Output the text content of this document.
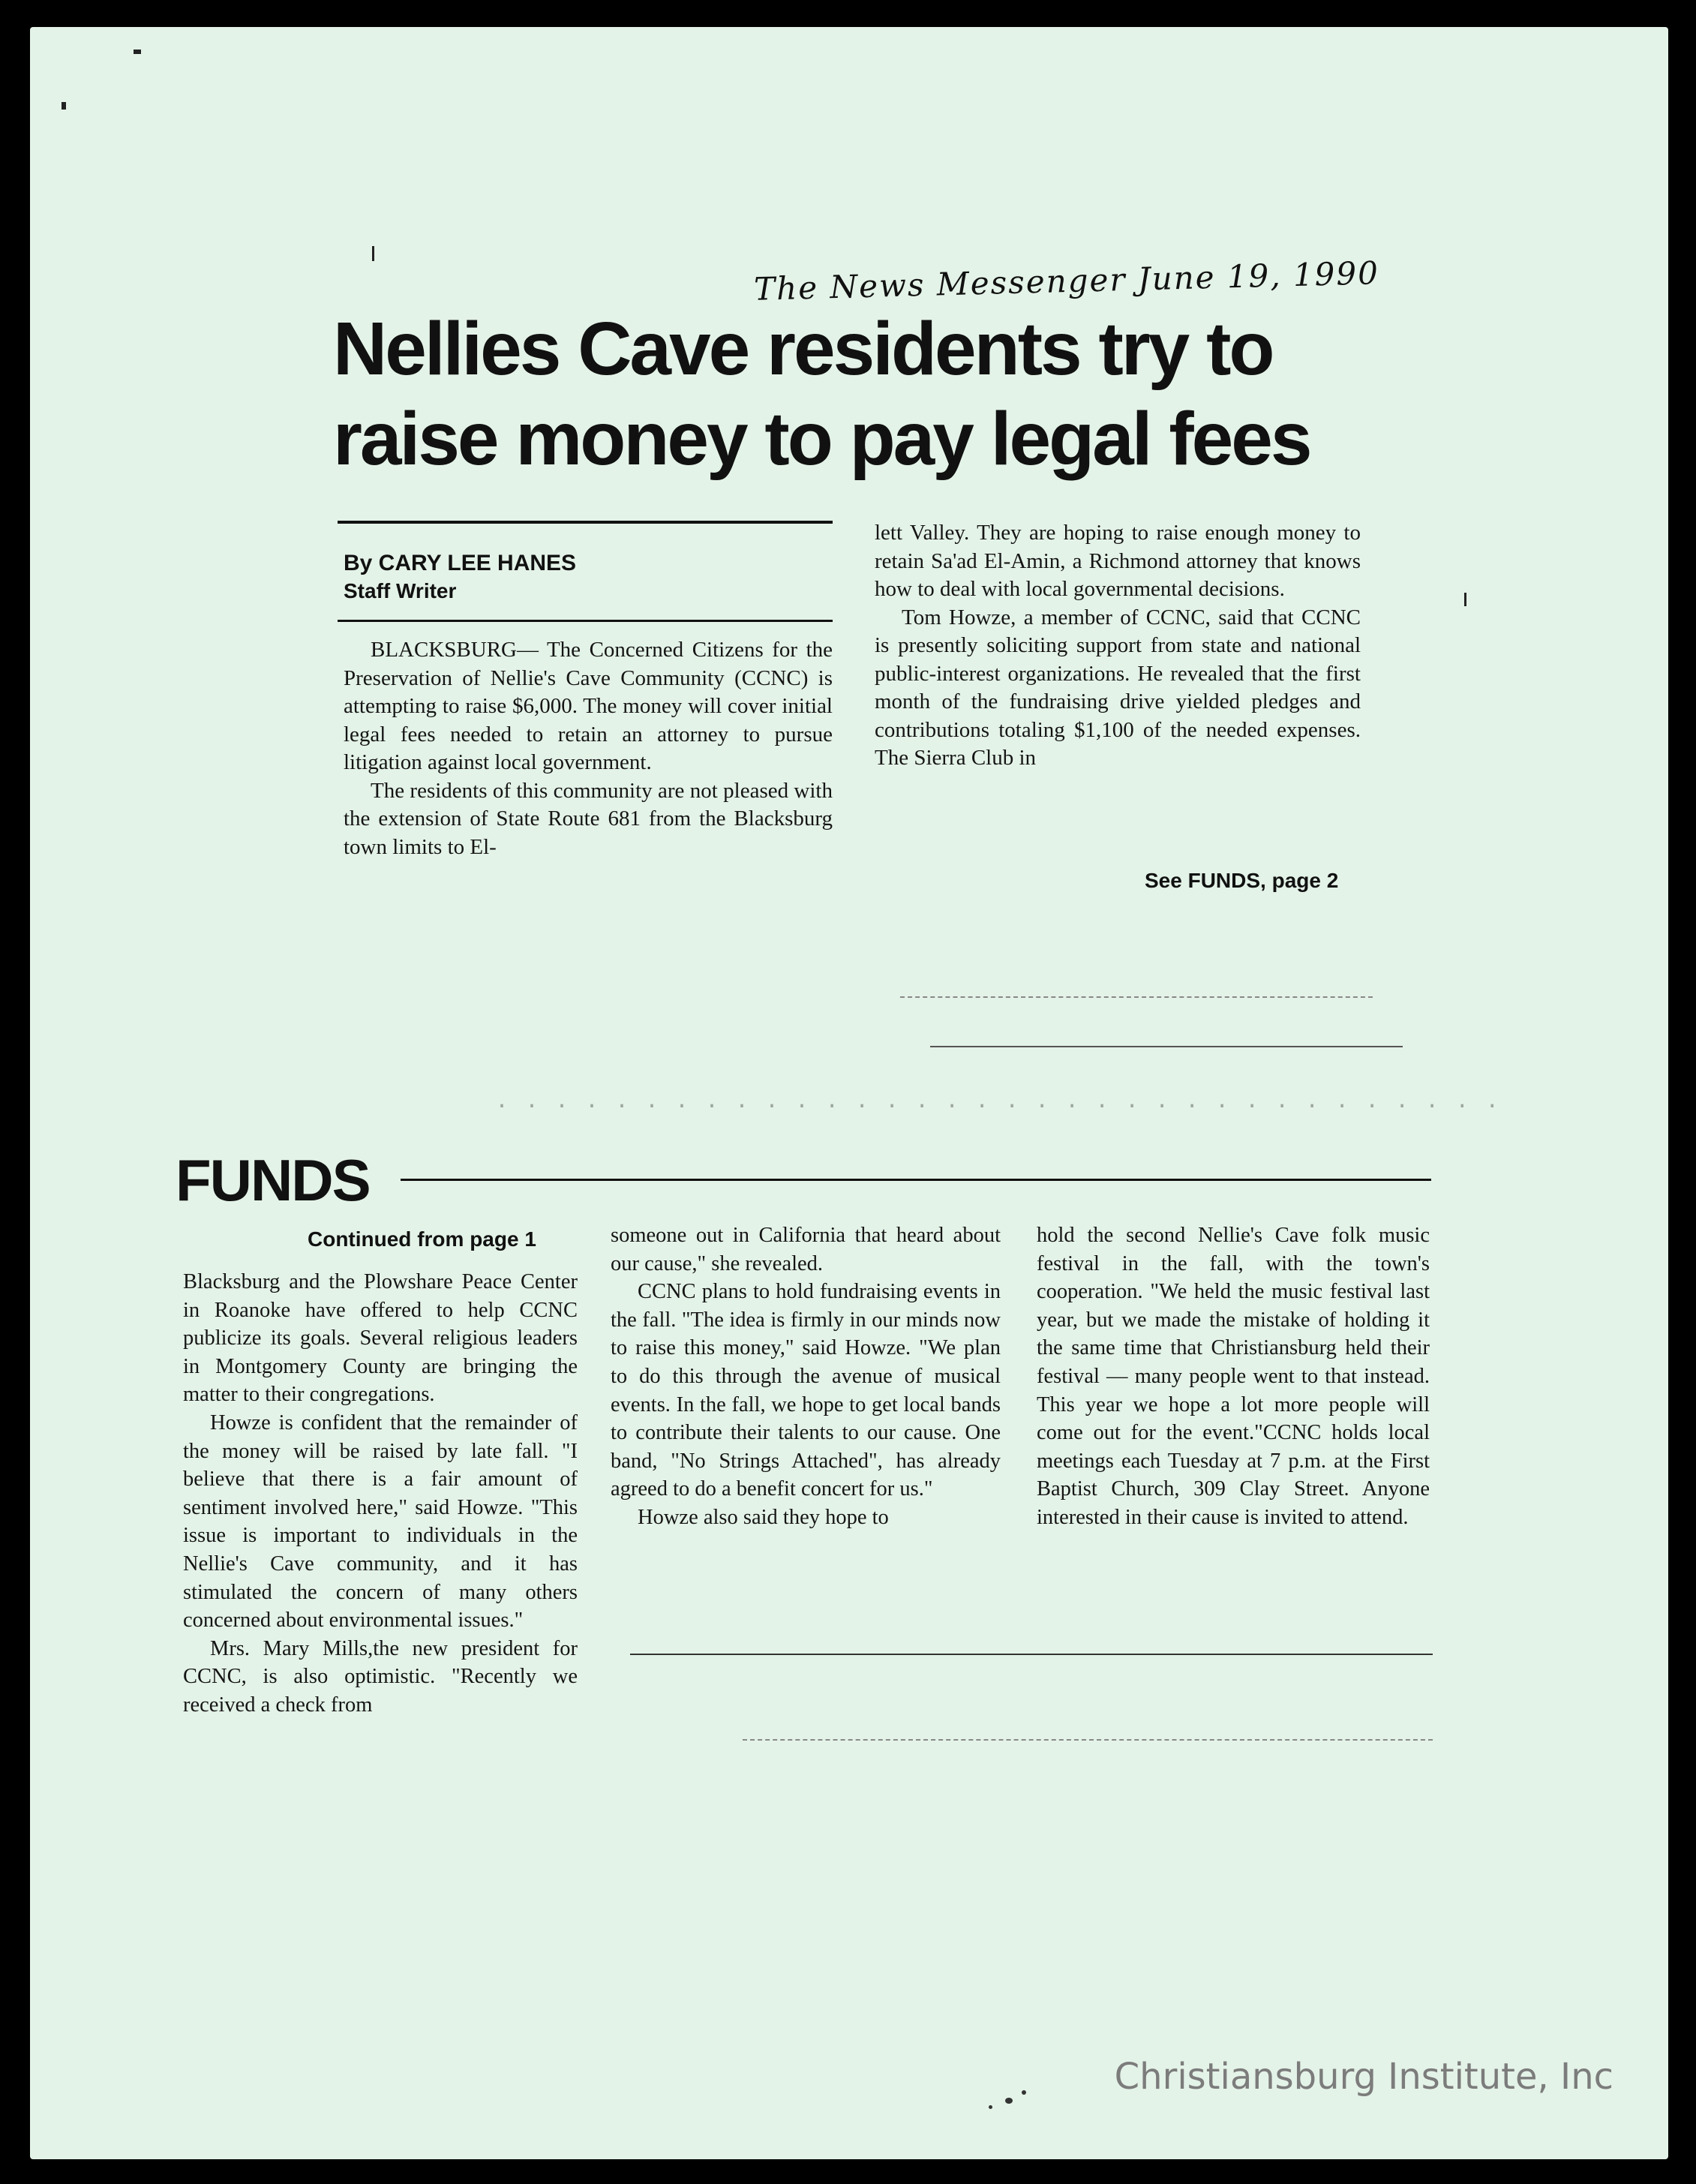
The News Messenger June 19, 1990
Nellies Cave residents try to raise money to pay legal fees
By CARY LEE HANES
Staff Writer

BLACKSBURG— The Concerned Citizens for the Preservation of Nellie's Cave Community (CCNC) is attempting to raise $6,000. The money will cover initial legal fees needed to retain an attorney to pursue litigation against local government.

The residents of this community are not pleased with the extension of State Route 681 from the Blacksburg town limits to El-

lett Valley. They are hoping to raise enough money to retain Sa'ad El-Amin, a Richmond attorney that knows how to deal with local governmental decisions.

Tom Howze, a member of CCNC, said that CCNC is presently soliciting support from state and national public-interest organizations. He revealed that the first month of the fundraising drive yielded pledges and contributions totaling $1,100 of the needed expenses. The Sierra Club in

See FUNDS, page 2
· · · · · · · · · · · · · · · · · · · · · · · · · · · · · · · · · ·
FUNDS
Continued from page 1

Blacksburg and the Plowshare Peace Center in Roanoke have offered to help CCNC publicize its goals. Several religious leaders in Montgomery County are bringing the matter to their congregations.

Howze is confident that the remainder of the money will be raised by late fall. "I believe that there is a fair amount of sentiment involved here," said Howze. "This issue is important to individuals in the Nellie's Cave community, and it has stimulated the concern of many others concerned about environmental issues."

Mrs. Mary Mills,the new president for CCNC, is also optimistic. "Recently we received a check from

someone out in California that heard about our cause," she revealed.

CCNC plans to hold fundraising events in the fall. "The idea is firmly in our minds now to raise this money," said Howze. "We plan to do this through the avenue of musical events. In the fall, we hope to get local bands to contribute their talents to our cause. One band, "No Strings Attached", has already agreed to do a benefit concert for us."

Howze also said they hope to

hold the second Nellie's Cave folk music festival in the fall, with the town's cooperation. "We held the music festival last year, but we made the mistake of holding it the same time that Christiansburg held their festival — many people went to that instead. This year we hope a lot more people will come out for the event."CCNC holds local meetings each Tuesday at 7 p.m. at the First Baptist Church, 309 Clay Street. Anyone interested in their cause is invited to attend.

Christiansburg Institute, Inc
